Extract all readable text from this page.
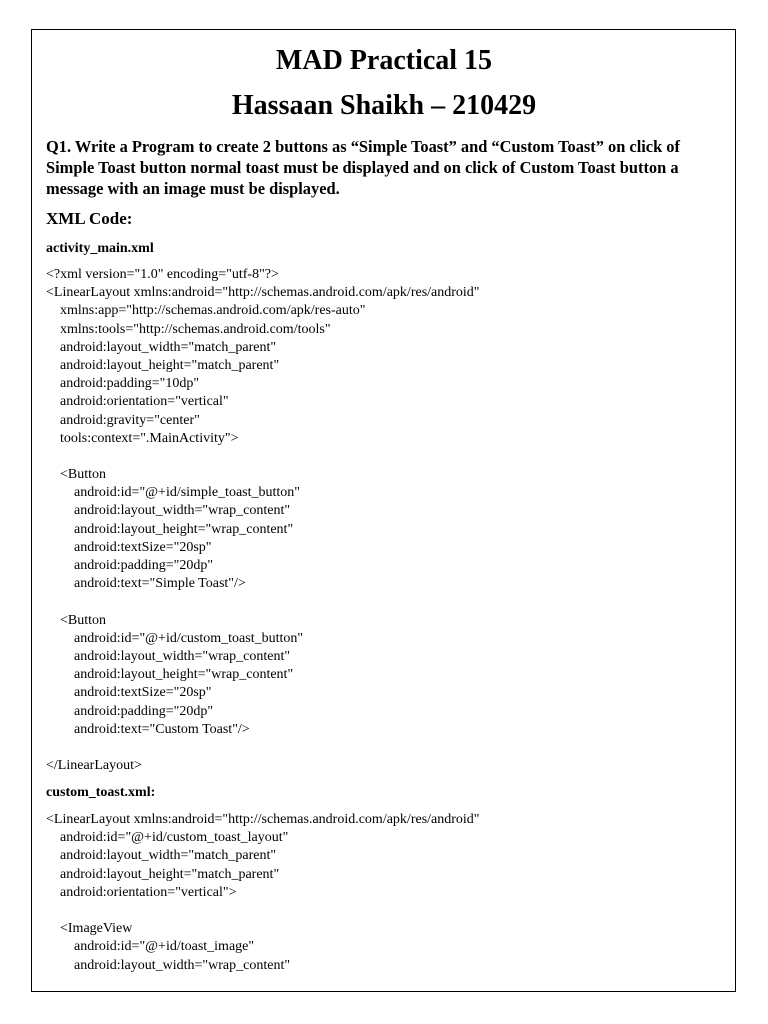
MAD Practical 15
Hassaan Shaikh – 210429

Q1. Write a Program to create 2 buttons as “Simple Toast” and “Custom Toast” on click of Simple Toast button normal toast must be displayed and on click of Custom Toast button a message with an image must be displayed.

XML Code:

activity_main.xml

<?xml version="1.0" encoding="utf-8"?>
<LinearLayout xmlns:android="http://schemas.android.com/apk/res/android"
xmlns:app="http://schemas.android.com/apk/res-auto"
xmlns:tools="http://schemas.android.com/tools"
android:layout_width="match_parent"
android:layout_height="match_parent"
android:padding="10dp"
android:orientation="vertical"
android:gravity="center"
tools:context=".MainActivity">
<Button
android:id="@+id/simple_toast_button"
android:layout_width="wrap_content"
android:layout_height="wrap_content"
android:textSize="20sp"
android:padding="20dp"
android:text="Simple Toast"/>
<Button
android:id="@+id/custom_toast_button"
android:layout_width="wrap_content"
android:layout_height="wrap_content"
android:textSize="20sp"
android:padding="20dp"
android:text="Custom Toast"/>
</LinearLayout>

custom_toast.xml:

<LinearLayout xmlns:android="http://schemas.android.com/apk/res/android"
android:id="@+id/custom_toast_layout"
android:layout_width="match_parent"
android:layout_height="match_parent"
android:orientation="vertical">
<ImageView
android:id="@+id/toast_image"
android:layout_width="wrap_content"
